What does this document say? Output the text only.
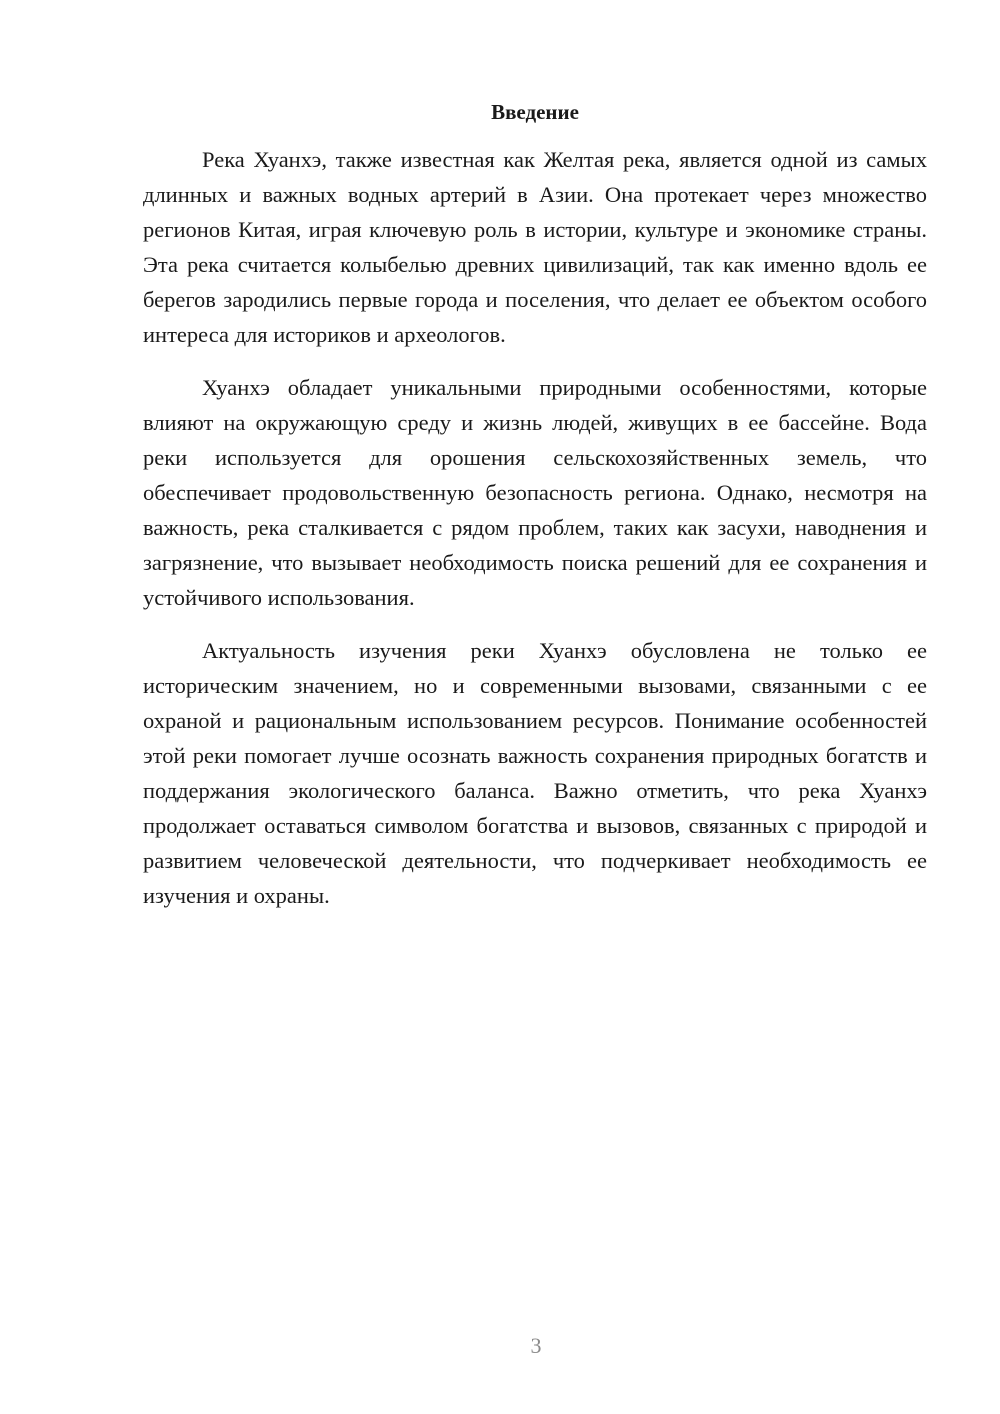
Введение

Река Хуанхэ, также известная как Желтая река, является одной из самых длинных и важных водных артерий в Азии. Она протекает через множество регионов Китая, играя ключевую роль в истории, культуре и экономике страны. Эта река считается колыбелью древних цивилизаций, так как именно вдоль ее берегов зародились первые города и поселения, что делает ее объектом особого интереса для историков и археологов.

Хуанхэ обладает уникальными природными особенностями, которые влияют на окружающую среду и жизнь людей, живущих в ее бассейне. Вода реки используется для орошения сельскохозяйственных земель, что обеспечивает продовольственную безопасность региона. Однако, несмотря на важность, река сталкивается с рядом проблем, таких как засухи, наводнения и загрязнение, что вызывает необходимость поиска решений для ее сохранения и устойчивого использования.

Актуальность изучения реки Хуанхэ обусловлена не только ее историческим значением, но и современными вызовами, связанными с ее охраной и рациональным использованием ресурсов. Понимание особенностей этой реки помогает лучше осознать важность сохранения природных богатств и поддержания экологического баланса. Важно отметить, что река Хуанхэ продолжает оставаться символом богатства и вызовов, связанных с природой и развитием человеческой деятельности, что подчеркивает необходимость ее изучения и охраны.

3
